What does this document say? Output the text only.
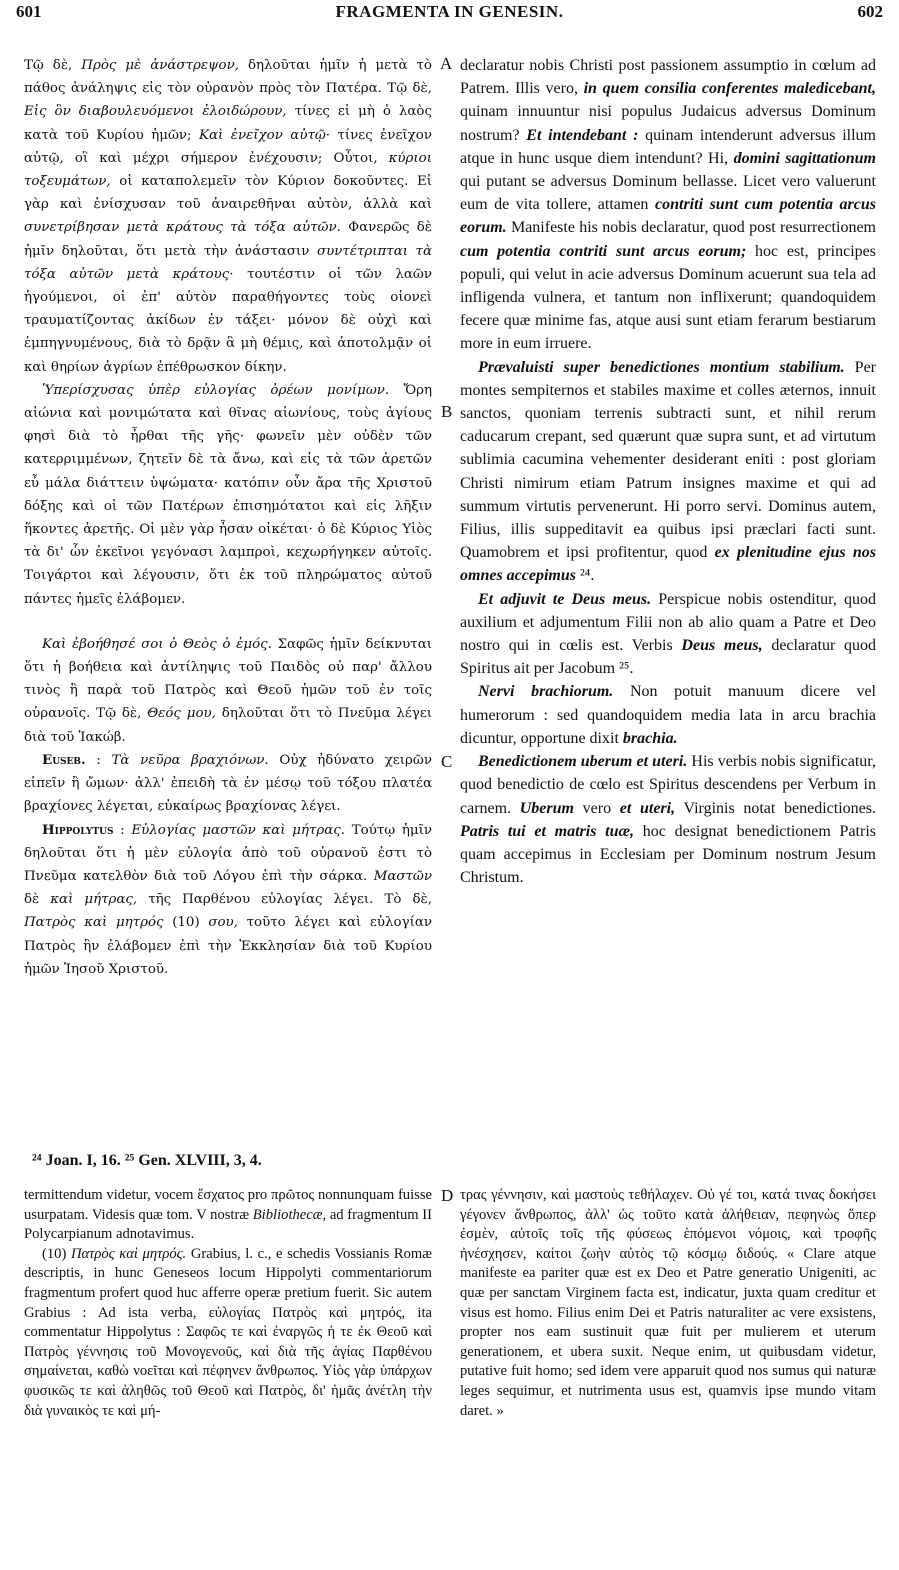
601	FRAGMENTA IN GENESIN.	602
A
B
C
D

Τῷ δὲ, Πρὸς μὲ ἀνάστρεψον, δηλοῦται ἡμῖν ἡ μετὰ τὸ πάθος ἀνάληψις εἰς τὸν οὐρανὸν πρὸς τὸν Πατέρα. Τῷ δὲ, Εἰς ὃν διαβουλευόμενοι ἐλοιδώρουν, τίνες εἰ μὴ ὁ λαὸς κατὰ τοῦ Κυρίου ἡμῶν; Καὶ ἐνεῖχον αὐτῷ· τίνες ἐνεῖχον αὐτῷ, οἳ καὶ μέχρι σήμερον ἐνέχουσιν; Οὗτοι, κύριοι τοξευμάτων, οἱ καταπολεμεῖν τὸν Κύριον δοκοῦντες. Εἰ γὰρ καὶ ἐνίσχυσαν τοῦ ἀναιρεθῆναι αὐτὸν, ἀλλὰ καὶ συνετρίβησαν μετὰ κράτους τὰ τόξα αὐτῶν. Φανερῶς δὲ ἡμῖν δηλοῦται, ὅτι μετὰ τὴν ἀνάστασιν συντέτριπται τὰ τόξα αὐτῶν μετὰ κράτους· τουτέστιν οἱ τῶν λαῶν ἡγούμενοι, οἱ ἐπ' αὐτὸν παραθήγοντες τοὺς οἱονεὶ τραυματίζοντας ἀκίδων ἐν τάξει· μόνον δὲ οὐχὶ καὶ ἐμπηγνυμένους, διὰ τὸ δρᾷν ἃ μὴ θέμις, καὶ ἀποτολμᾷν οἱ καὶ θηρίων ἀγρίων ἐπέθρωσκον δίκην.

Ὑπερίσχυσας ὑπὲρ εὐλογίας ὀρέων μονίμων. Ὄρη αἰώνια καὶ μονιμώτατα καὶ θῖνας αἰωνίους, τοὺς ἁγίους φησὶ διὰ τὸ ἦρθαι τῆς γῆς· φωνεῖν μὲν οὐδὲν τῶν κατερριμμένων, ζητεῖν δὲ τὰ ἄνω, καὶ εἰς τὰ τῶν ἀρετῶν εὖ μάλα διάττειν ὑψώματα· κατόπιν οὖν ἄρα τῆς Χριστοῦ δόξης καὶ οἱ τῶν Πατέρων ἐπισημότατοι καὶ εἰς λῆξιν ἥκοντες ἀρετῆς. Οἱ μὲν γὰρ ἦσαν οἰκέται· ὁ δὲ Κύριος Υἱὸς τὰ δι' ὧν ἐκεῖνοι γεγόνασι λαμπροὶ, κεχωρήγηκεν αὐτοῖς. Τοιγάρτοι καὶ λέγουσιν, ὅτι ἐκ τοῦ πληρώματος αὐτοῦ πάντες ἡμεῖς ἐλάβομεν.

Καὶ ἐβοήθησέ σοι ὁ Θεὸς ὁ ἐμός. Σαφῶς ἡμῖν δείκνυται ὅτι ἡ βοήθεια καὶ ἀντίληψις τοῦ Παιδὸς οὐ παρ' ἄλλου τινὸς ἢ παρὰ τοῦ Πατρὸς καὶ Θεοῦ ἡμῶν τοῦ ἐν τοῖς οὐρανοῖς. Τῷ δὲ, Θεός μου, δηλοῦται ὅτι τὸ Πνεῦμα λέγει διὰ τοῦ Ἰακώβ.

Euseb. : Τὰ νεῦρα βραχιόνων. Οὐχ ἠδύνατο χειρῶν εἰπεῖν ἢ ὤμων· ἀλλ' ἐπειδὴ τὰ ἐν μέσῳ τοῦ τόξου πλατέα βραχίονες λέγεται, εὐκαίρως βραχίονας λέγει.

Hippolytus : Εὐλογίας μαστῶν καὶ μήτρας. Τούτῳ ἡμῖν δηλοῦται ὅτι ἡ μὲν εὐλογία ἀπὸ τοῦ οὐρανοῦ ἐστι τὸ Πνεῦμα κατελθὸν διὰ τοῦ Λόγου ἐπὶ τὴν σάρκα. Μαστῶν δὲ καὶ μήτρας, τῆς Παρθένου εὐλογίας λέγει. Τὸ δὲ, Πατρὸς καὶ μητρός (10) σου, τοῦτο λέγει καὶ εὐλογίαν Πατρὸς ἣν ἐλάβομεν ἐπὶ τὴν Ἐκκλησίαν διὰ τοῦ Κυρίου ἡμῶν Ἰησοῦ Χριστοῦ.

declaratur nobis Christi post passionem assumptio in cœlum ad Patrem. Illis vero, in quem consilia conferentes maledicebant, quinam innuuntur nisi populus Judaicus adversus Dominum nostrum? Et intendebant : quinam intenderunt adversus illum atque in hunc usque diem intendunt? Hi, domini sagittationum qui putant se adversus Dominum bellasse. Licet vero valuerunt eum de vita tollere, attamen contriti sunt cum potentia arcus eorum. Manifeste his nobis declaratur, quod post resurrectionem cum potentia contriti sunt arcus eorum; hoc est, principes populi, qui velut in acie adversus Dominum acuerunt sua tela ad infligenda vulnera, et tantum non inflixerunt; quandoquidem fecere quæ minime fas, atque ausi sunt etiam ferarum bestiarum more in eum irruere.

Prævaluisti super benedictiones montium stabilium. Per montes sempiternos et stabiles maxime et colles æternos, innuit sanctos, quoniam terrenis subtracti sunt, et nihil rerum caducarum crepant, sed quærunt quæ supra sunt, et ad virtutum sublimia cacumina vehementer desiderant eniti : post gloriam Christi nimirum etiam Patrum insignes maxime et qui ad summum virtutis pervenerunt. Hi porro servi. Dominus autem, Filius, illis suppeditavit ea quibus ipsi præclari facti sunt. Quamobrem et ipsi profitentur, quod ex plenitudine ejus nos omnes accepimus ²⁴.

Et adjuvit te Deus meus. Perspicue nobis ostenditur, quod auxilium et adjumentum Filii non ab alio quam a Patre et Deo nostro qui in cœlis est. Verbis Deus meus, declaratur quod Spiritus ait per Jacobum ²⁵.

Nervi brachiorum. Non potuit manuum dicere vel humerorum : sed quandoquidem media lata in arcu brachia dicuntur, opportune dixit brachia.

Benedictionem uberum et uteri. His verbis nobis significatur, quod benedictio de cœlo est Spiritus descendens per Verbum in carnem. Uberum vero et uteri, Virginis notat benedictiones. Patris tui et matris tuæ, hoc designat benedictionem Patris quam accepimus in Ecclesiam per Dominum nostrum Jesum Christum.

²⁴ Joan. I, 16. ²⁵ Gen. XLVIII, 3, 4.

termittendum videtur, vocem ἔσχατος pro πρῶτος nonnunquam fuisse usurpatam. Videsis quæ tom. V nostræ Bibliothecæ, ad fragmentum II Polycarpianum adnotavimus.

(10) Πατρὸς καὶ μητρός. Grabius, l. c., e schedis Vossianis Romæ descriptis, in hunc Geneseos locum Hippolyti commentariorum fragmentum profert quod huc afferre operæ pretium fuerit. Sic autem Grabius : Ad ista verba, εὐλογίας Πατρὸς καὶ μητρός, ita commentatur Hippolytus : Σαφῶς τε καὶ ἐναργῶς ἡ τε ἐκ Θεοῦ καὶ Πατρὸς γέννησις τοῦ Μονογενοῦς, καὶ διὰ τῆς ἁγίας Παρθένου σημαίνεται, καθὼ νοεῖται καὶ πέφηνεν ἄνθρωπος. Υἱὸς γὰρ ὑπάρχων φυσικῶς τε καὶ ἀληθῶς τοῦ Θεοῦ καὶ Πατρὸς, δι' ἡμᾶς ἀνέτλη τὴν διὰ γυναικὸς τε καὶ μή-

τρας γέννησιν, καὶ μαστοὺς τεθήλαχεν. Οὐ γέ τοι, κατά τινας δοκήσει γέγονεν ἄνθρωπος, ἀλλ' ὡς τοῦτο κατὰ ἀλήθειαν, πεφηνὼς ὅπερ ἐσμὲν, αὐτοῖς τοῖς τῆς φύσεως ἑπόμενοι νόμοις, καὶ τροφῆς ἠνέσχησεν, καίτοι ζωὴν αὐτὸς τῷ κόσμῳ διδούς. « Clare atque manifeste ea pariter quæ est ex Deo et Patre generatio Unigeniti, ac quæ per sanctam Virginem facta est, indicatur, juxta quam creditur et visus est homo. Filius enim Dei et Patris naturaliter ac vere exsistens, propter nos eam sustinuit quæ fuit per mulierem et uterum generationem, et ubera suxit. Neque enim, ut quibusdam videtur, putative fuit homo; sed idem vere apparuit quod nos sumus qui naturæ leges sequimur, et nutrimenta usus est, quamvis ipse mundo vitam daret. »
